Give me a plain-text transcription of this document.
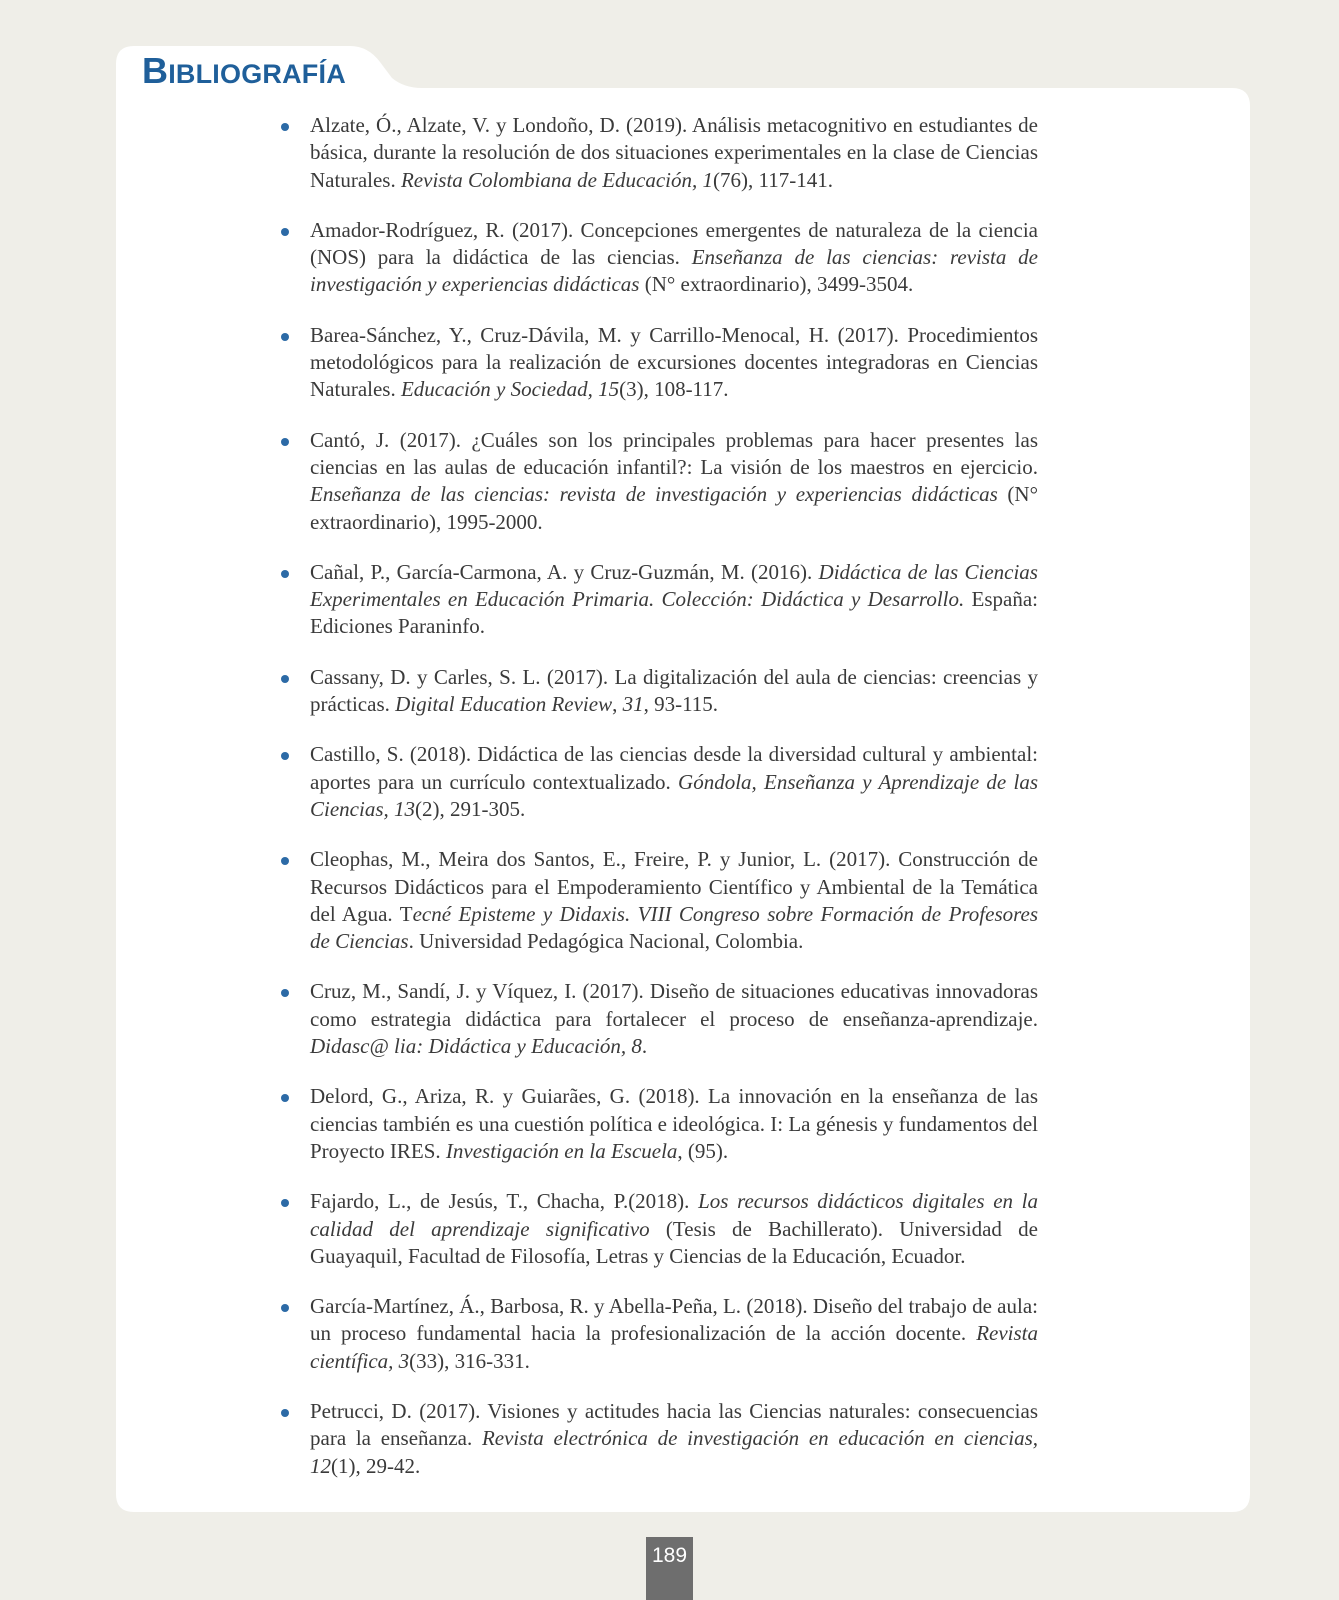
BIBLIOGRAFÍA
Alzate, Ó., Alzate, V. y Londoño, D. (2019). Análisis metacognitivo en estudiantes de básica, durante la resolución de dos situaciones experimentales en la clase de Ciencias Naturales. Revista Colombiana de Educación, 1(76), 117-141.
Amador-Rodríguez, R. (2017). Concepciones emergentes de naturaleza de la ciencia (NOS) para la didáctica de las ciencias. Enseñanza de las ciencias: revista de investigación y experiencias didácticas (N° extraordinario), 3499-3504.
Barea-Sánchez, Y., Cruz-Dávila, M. y Carrillo-Menocal, H. (2017). Procedimientos metodológicos para la realización de excursiones docentes integradoras en Ciencias Naturales. Educación y Sociedad, 15(3), 108-117.
Cantó, J. (2017). ¿Cuáles son los principales problemas para hacer presentes las ciencias en las aulas de educación infantil?: La visión de los maestros en ejercicio. Enseñanza de las ciencias: revista de investigación y experiencias didácticas (N° extraordinario), 1995-2000.
Cañal, P., García-Carmona, A. y Cruz-Guzmán, M. (2016). Didáctica de las Ciencias Experimentales en Educación Primaria. Colección: Didáctica y Desarrollo. España: Ediciones Paraninfo.
Cassany, D. y Carles, S. L. (2017). La digitalización del aula de ciencias: creencias y prácticas. Digital Education Review, 31, 93-115.
Castillo, S. (2018). Didáctica de las ciencias desde la diversidad cultural y ambiental: aportes para un currículo contextualizado. Góndola, Enseñanza y Aprendizaje de las Ciencias, 13(2), 291-305.
Cleophas, M., Meira dos Santos, E., Freire, P. y Junior, L. (2017). Construcción de Recursos Didácticos para el Empoderamiento Científico y Ambiental de la Temática del Agua. Tecné Episteme y Didaxis. VIII Congreso sobre Formación de Profesores de Ciencias. Universidad Pedagógica Nacional, Colombia.
Cruz, M., Sandí, J. y Víquez, I. (2017). Diseño de situaciones educativas innovadoras como estrategia didáctica para fortalecer el proceso de enseñanza-aprendizaje. Didasc@ lia: Didáctica y Educación, 8.
Delord, G., Ariza, R. y Guiarães, G. (2018). La innovación en la enseñanza de las ciencias también es una cuestión política e ideológica. I: La génesis y fundamentos del Proyecto IRES. Investigación en la Escuela, (95).
Fajardo, L., de Jesús, T., Chacha, P.(2018). Los recursos didácticos digitales en la calidad del aprendizaje significativo (Tesis de Bachillerato). Universidad de Guayaquil, Facultad de Filosofía, Letras y Ciencias de la Educación, Ecuador.
García-Martínez, Á., Barbosa, R. y Abella-Peña, L. (2018). Diseño del trabajo de aula: un proceso fundamental hacia la profesionalización de la acción docente. Revista científica, 3(33), 316-331.
Petrucci, D. (2017). Visiones y actitudes hacia las Ciencias naturales: consecuencias para la enseñanza. Revista electrónica de investigación en educación en ciencias, 12(1), 29-42.
189
